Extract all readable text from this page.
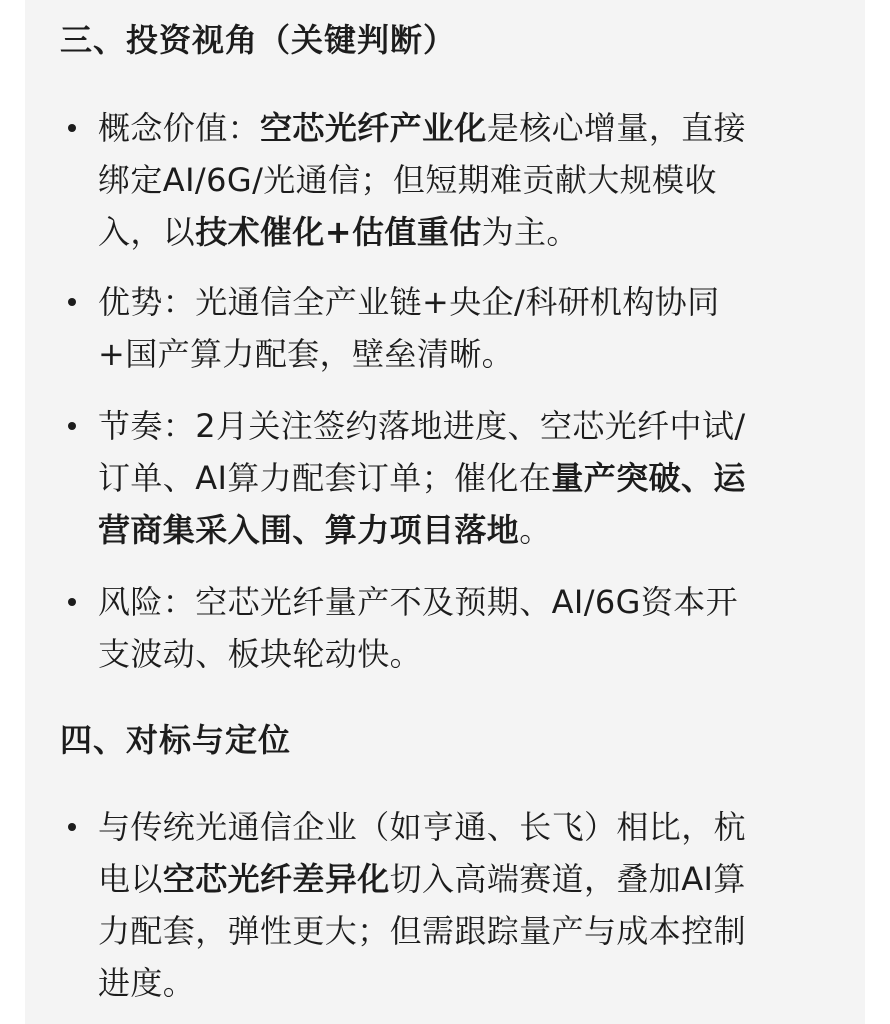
三、投资视角（关键判断）
概念价值：空芯光纤产业化是核心增量，直接
绑定AI/6G/光通信；但短期难贡献大规模收
入，以技术催化+估值重估为主。
优势：光通信全产业链+央企/科研机构协同
+国产算力配套，壁垒清晰。
节奏：2月关注签约落地进度、空芯光纤中试/
订单、AI算力配套订单；催化在量产突破、运
营商集采入围、算力项目落地。
风险：空芯光纤量产不及预期、AI/6G资本开
支波动、板块轮动快。
四、对标与定位
与传统光通信企业（如亨通、长飞）相比，杭
电以空芯光纤差异化切入高端赛道，叠加AI算
力配套，弹性更大；但需跟踪量产与成本控制
进度。
